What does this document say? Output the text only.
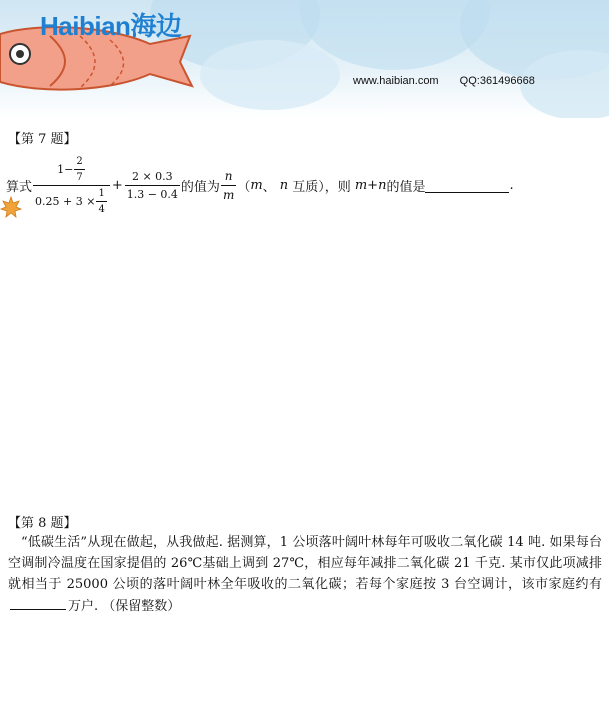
Haibian海边
www.haibian.com QQ:361496668
【第 7 题】
算式 $\frac{1- \frac{2}{7}}{0.25 + 3 \times \frac{1}{4}} + \frac{2 \times 0.3}{1.3 - 0.4}$ 的值为 $\frac{n}{m}$ （ m 、 n 互质），则 m + n 的值是	.
【第 8 题】

“低碳生活”从现在做起，从我做起. 据测算，1 公顷落叶阔叶林每年可吸收二氧化碳 14 吨. 如果每台空调制冷温度在国家提倡的 26℃基础上调到 27℃，相应每年减排二氧化碳 21 千克. 某市仅此项减排就相当于 25000 公顷的落叶阔叶林全年吸收的二氧化碳；若每个家庭按 3 台空调计，该市家庭约有万户. （保留整数）
